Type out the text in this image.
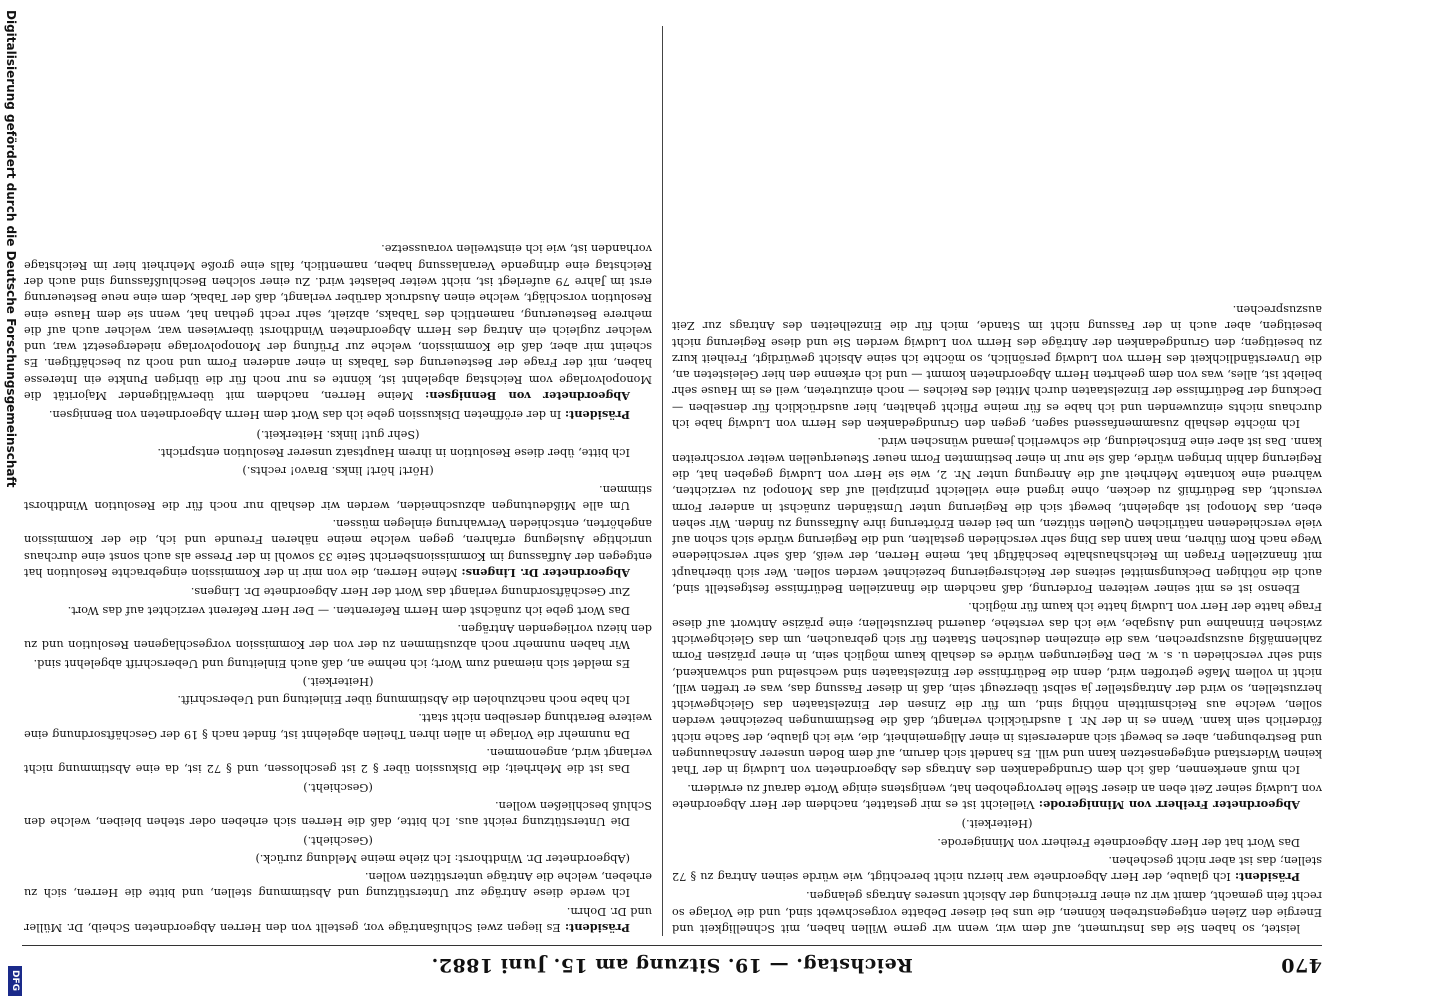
470
Reichstag. — 19. Sitzung am 15. Juni 1882.

leistet, so haben Sie das Instrument, auf dem wir, wenn wir gerne Willen haben, mit Schnelligkeit und Energie den Zielen entgegenstreben können, die uns bei dieser Debatte vorgeschwebt sind, und die Vorlage so recht fein gemacht, damit wir zu einer Erreichung der Absicht unseres Antrags gelangen.

Präsident: Ich glaube, der Herr Abgeordnete war hierzu nicht berechtigt, wie würde seinen Antrag zu § 72 stellen; das ist aber nicht geschehen.

Das Wort hat der Herr Abgeordnete Freiherr von Minnigerode.

(Heiterkeit.)

Abgeordneter Freiherr von Minnigerode: Vielleicht ist es mir gestattet, nachdem der Herr Abgeordnete von Ludwig seiner Zeit eben an dieser Stelle hervorgehoben hat, wenigstens einige Worte darauf zu erwidern.

Ich muß anerkennen, daß ich dem Grundgedanken des Antrags des Abgeordneten von Ludwig in der That keinen Widerstand entgegensetzen kann und will. Es handelt sich darum, auf dem Boden unserer Anschauungen und Bestrebungen, aber es bewegt sich andererseits in einer Allgemeinheit, die, wie ich glaube, der Sache nicht förderlich sein kann. Wenn es in der Nr. 1 ausdrücklich verlangt, daß die Bestimmungen bezeichnet werden sollen, welche aus Reichsmitteln nöthig sind, um für die Zinsen der Einzelstaaten das Gleichgewicht herzustellen, so wird der Antragsteller ja selbst überzeugt sein, daß in dieser Fassung das, was er treffen will, nicht in vollem Maße getroffen wird, denn die Bedürfnisse der Einzelstaaten sind wechselnd und schwankend, sind sehr verschieden u. s. w. Den Regierungen würde es deshalb kaum möglich sein, in einer präzisen Form zahlenmäßig auszusprechen, was die einzelnen deutschen Staaten für sich gebrauchen, um das Gleichgewicht zwischen Einnahme und Ausgabe, wie ich das verstehe, dauernd herzustellen; eine präzise Antwort auf diese Frage hatte der Herr von Ludwig hatte ich kaum für möglich.

Ebenso ist es mit seiner weiteren Forderung, daß nachdem die finanziellen Bedürfnisse festgestellt sind, auch die nöthigen Deckungsmittel seitens der Reichsregierung bezeichnet werden sollen. Wer sich überhaupt mit finanziellen Fragen im Reichshaushalte beschäftigt hat, meine Herren, der weiß, daß sehr verschiedene Wege nach Rom führen, man kann das Ding sehr verschieden gestalten, und die Regierung würde sich schon auf viele verschiedenen natürlichen Quellen stützen, um bei deren Erörterung ihre Auffassung zu finden. Wir sehen eben, das Monopol ist abgelehnt, bewegt sich die Regierung unter Umständen zunächst in anderer Form versucht, das Bedürfniß zu decken, ohne irgend eine vielleicht prinzipiell auf das Monopol zu verzichten, während eine kontante Mehrheit auf die Anregung unter Nr. 2, wie sie Herr von Ludwig gegeben hat, die Regierung dahin bringen würde, daß sie nur in einer bestimmten Form neuer Steuerquellen weiter vorschreiten kann. Das ist aber eine Entscheidung, die schwerlich jemand wünschen wird.

Ich möchte deshalb zusammenfassend sagen, gegen den Grundgedanken des Herrn von Ludwig habe ich durchaus nichts einzuwenden und ich habe es für meine Pflicht gehalten, hier ausdrücklich für denselben — Deckung der Bedürfnisse der Einzelstaaten durch Mittel des Reiches — noch einzutreten, weil es im Hause sehr beliebt ist, alles, was von dem geehrten Herrn Abgeordneten kommt — und ich erkenne den hier Geleisteten an, die Unverständlichkeit des Herrn von Ludwig persönlich, so möchte ich seine Absicht gewürdigt, Freiheit kurz zu beseitigen; den Grundgedanken der Anträge des Herrn von Ludwig werden Sie und diese Regierung nicht beseitigen, aber auch in der Fassung nicht im Stande, mich für die Einzelheiten des Antrags zur Zeit auszusprechen.

Präsident: Es liegen zwei Schlußanträge vor, gestellt von den Herren Abgeordneten Scheib, Dr. Müller und Dr. Dohrn.

Ich werde diese Anträge zur Unterstützung und Abstimmung stellen, und bitte die Herren, sich zu erheben, welche die Anträge unterstützen wollen.

(Abgeordneter Dr. Windthorst: Ich ziehe meine Meldung zurück.)

(Geschieht.)

Die Unterstützung reicht aus. Ich bitte, daß die Herren sich erheben oder stehen bleiben, welche den Schluß beschließen wollen.

(Geschieht.)

Das ist die Mehrheit; die Diskussion über § 2 ist geschlossen, und § 72 ist, da eine Abstimmung nicht verlangt wird, angenommen.

Da nunmehr die Vorlage in allen ihren Theilen abgelehnt ist, findet nach § 19 der Geschäftsordnung eine weitere Berathung derselben nicht statt.

Ich habe noch nachzuholen die Abstimmung über Einleitung und Ueberschrift.

(Heiterkeit.)

Es meldet sich niemand zum Wort; ich nehme an, daß auch Einleitung und Ueberschrift abgelehnt sind.

Wir haben nunmehr noch abzustimmen zu der von der Kommission vorgeschlagenen Resolution und zu den hiezu vorliegenden Anträgen.

Das Wort gebe ich zunächst dem Herrn Referenten. — Der Herr Referent verzichtet auf das Wort.

Zur Geschäftsordnung verlangt das Wort der Herr Abgeordnete Dr. Lingens.

Abgeordneter Dr. Lingens: Meine Herren, die von mir in der Kommission eingebrachte Resolution hat entgegen der Auffassung im Kommissionsbericht Seite 33 sowohl in der Presse als auch sonst eine durchaus unrichtige Auslegung erfahren, gegen welche meine näheren Freunde und ich, die der Kommission angehörten, entschieden Verwahrung einlegen müssen.

Um alle Mißdeutungen abzuschneiden, werden wir deshalb nur noch für die Resolution Windthorst stimmen.

(Hört! hört! links. Bravo! rechts.)

Ich bitte, über diese Resolution in ihrem Hauptsatz unserer Resolution entspricht.

(Sehr gut! links. Heiterkeit.)

Präsident: In der eröffneten Diskussion gebe ich das Wort dem Herrn Abgeordneten von Bennigsen.

Abgeordneter von Bennigsen: Meine Herren, nachdem mit überwältigender Majorität die Monopolvorlage vom Reichstag abgelehnt ist, könnte es nur noch für die übrigen Punkte ein Interesse haben, mit der Frage der Besteuerung des Tabaks in einer anderen Form und noch zu beschäftigen. Es scheint mir aber, daß die Kommission, welche zur Prüfung der Monopolvorlage niedergesetzt war, und welcher zugleich ein Antrag des Herrn Abgeordneten Windthorst überwiesen war, welcher auch auf die mehrere Besteuerung, namentlich des Tabaks, abzielt, sehr recht gethan hat, wenn sie dem Hause eine Resolution vorschlägt, welche einen Ausdruck darüber verlangt, daß der Tabak, dem eine neue Besteuerung erst im Jahre 79 auferlegt ist, nicht weiter belastet wird. Zu einer solchen Beschlußfassung sind auch der Reichstag eine dringende Veranlassung haben, namentlich, falls eine große Mehrheit hier im Reichstage vorhanden ist, wie ich einstweilen voraussetze.

Digitalisierung gefördert durch die Deutsche Forschungsgemeinschaft
DFG
